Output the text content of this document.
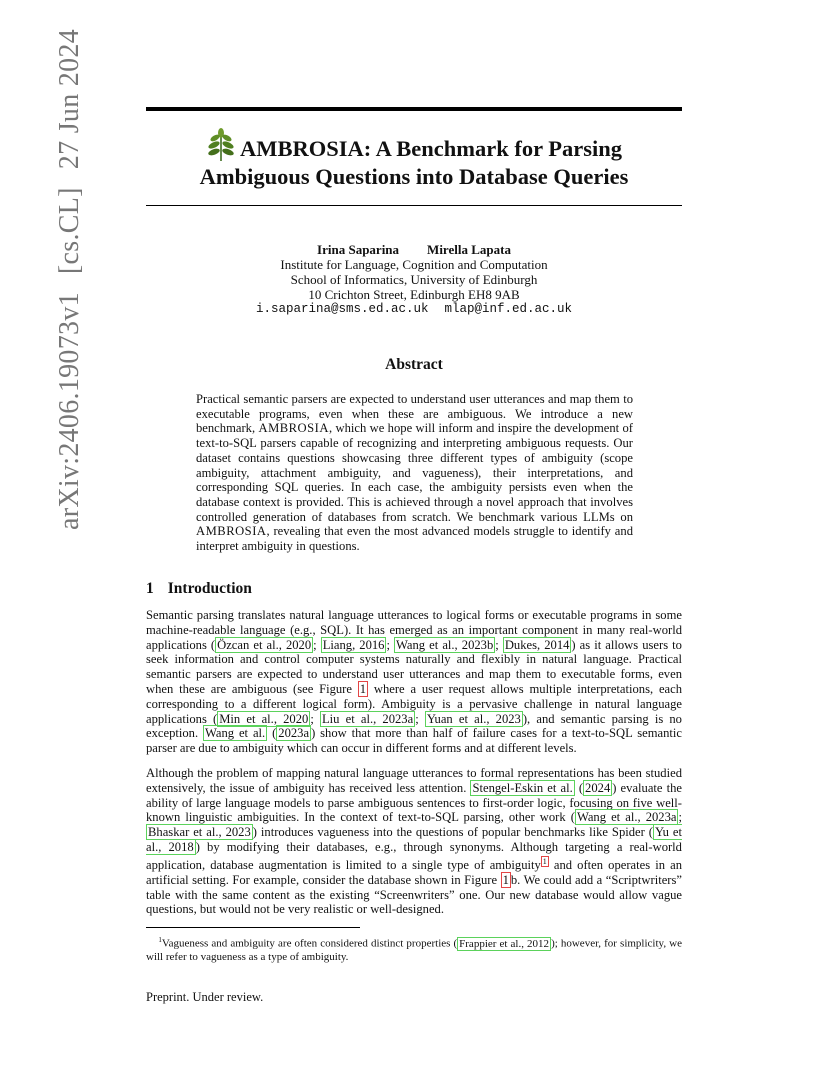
arXiv:2406.19073v1[cs.CL]27 Jun 2024	AMBROSIA: A Benchmark for Parsing
Ambiguous Questions into Database Queries
Irina Saparina Mirella Lapata
Institute for Language, Cognition and Computation
School of Informatics, University of Edinburgh
10 Crichton Street, Edinburgh EH8 9AB
i.saparina@sms.ed.ac.uk mlap@inf.ed.ac.uk
Abstract
Practical semantic parsers are expected to understand user utterances and map them to executable programs, even when these are ambiguous. We introduce a new benchmark, AMBROSIA, which we hope will inform and inspire the development of text-to-SQL parsers capable of recognizing and interpreting ambiguous requests. Our dataset contains questions showcasing three different types of ambiguity (scope ambiguity, attachment ambiguity, and vagueness), their interpretations, and corresponding SQL queries. In each case, the ambiguity persists even when the database context is provided. This is achieved through a novel approach that involves controlled generation of databases from scratch. We benchmark various LLMs on AMBROSIA, revealing that even the most advanced models struggle to identify and interpret ambiguity in questions.
1 Introduction
Semantic parsing translates natural language utterances to logical forms or executable programs in some machine-readable language (e.g., SQL). It has emerged as an important component in many real-world applications ( Özcan et al., 2020 ; Liang, 2016 ; Wang et al., 2023b ; Dukes, 2014 ) as it allows users to seek information and control computer systems naturally and flexibly in natural language. Practical semantic parsers are expected to understand user utterances and map them to executable forms, even when these are ambiguous (see Figure 1 where a user request allows multiple interpretations, each corresponding to a different logical form). Ambiguity is a pervasive challenge in natural language applications ( Min et al., 2020 ; Liu et al., 2023a ; Yuan et al., 2023 ), and semantic parsing is no exception. Wang et al. ( 2023a ) show that more than half of failure cases for a text-to-SQL semantic parser are due to ambiguity which can occur in different forms and at different levels.
Although the problem of mapping natural language utterances to formal representations has been studied extensively, the issue of ambiguity has received less attention. Stengel-Eskin et al. ( 2024 ) evaluate the ability of large language models to parse ambiguous sentences to first-order logic, focusing on five well-known linguistic ambiguities. In the context of text-to-SQL parsing, other work ( Wang et al., 2023a ; Bhaskar et al., 2023 ) introduces vagueness into the questions of popular benchmarks like Spider ( Yu et al., 2018 ) by modifying their databases, e.g., through synonyms. Although targeting a real-world application, database augmentation is limited to a single type of ambiguity $^1$ and often operates in an artificial setting. For example, consider the database shown in Figure 1 b. We could add a “Scriptwriters” table with the same content as the existing “Screenwriters” one. Our new database would allow vague questions, but would not be very realistic or well-designed.
$^1$Vagueness and ambiguity are often considered distinct properties ( Frappier et al., 2012 ); however, for simplicity, we will refer to vagueness as a type of ambiguity.
Preprint. Under review.
